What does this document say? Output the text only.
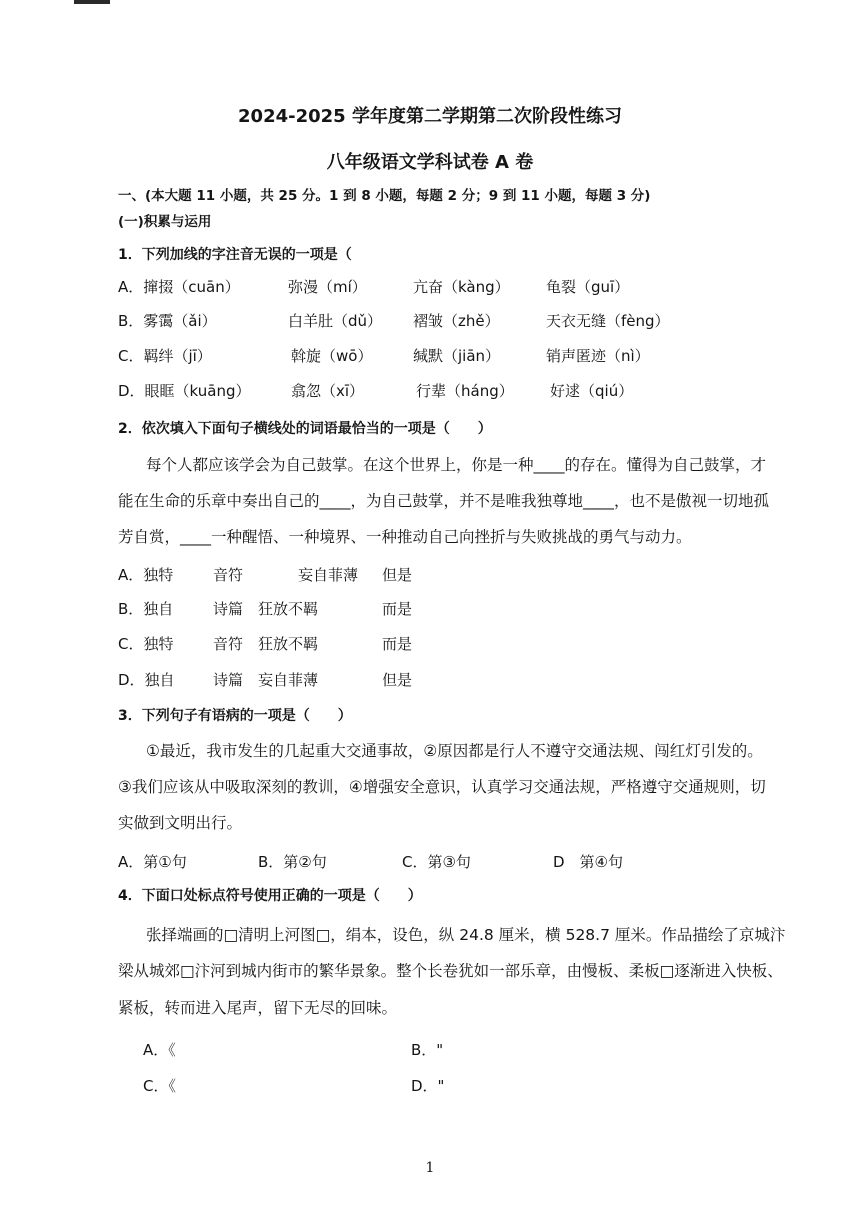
2024-2025 学年度第二学期第二次阶段性练习
八年级语文学科试卷 A 卷
一、(本大题 11 小题，共 25 分。1 到 8 小题，每题 2 分；9 到 11 小题，每题 3 分)
(一)积累与运用
1．下列加线的字注音无误的一项是（
A．撺掇（cuān）	弥漫（mí）	亢奋（kàng） 龟裂（guī）
B．雾霭（ǎi）	白羊肚（dǔ） 褶皱（zhě）	天衣无缝（fèng）
C．羁绊（jī）	斡旋（wō）	缄默（jiān）	销声匿迹（nì）
D．眼眶（kuāng）	翕忽（xī）	行辈（háng） 好逑（qiú）
2．依次填入下面句子横线处的词语最恰当的一项是（　　）
每个人都应该学会为自己鼓掌。在这个世界上，你是一种____的存在。懂得为自己鼓掌，才
能在生命的乐章中奏出自己的____，为自己鼓掌，并不是唯我独尊地____，也不是傲视一切地孤
芳自赏，____一种醒悟、一种境界、一种推动自己向挫折与失败挑战的勇气与动力。
A．独特	音符	妄自菲薄 但是
B．独自	诗篇 狂放不羁	而是
C．独特	音符 狂放不羁	而是
D．独自	诗篇 妄自菲薄	但是
3．下列句子有语病的一项是（　　）
①最近，我市发生的几起重大交通事故，②原因都是行人不遵守交通法规、闯红灯引发的。
③我们应该从中吸取深刻的教训，④增强安全意识，认真学习交通法规，严格遵守交通规则，切
实做到文明出行。
A．第①句	B．第②句	C．第③句	D　第④句
4．下面口处标点符号使用正确的一项是（　　）
张择端画的□清明上河图□，绢本，设色，纵 24.8 厘米，横 528.7 厘米。作品描绘了京城汴
梁从城郊□汴河到城内街市的繁华景象。整个长卷犹如一部乐章，由慢板、柔板□逐渐进入快板、
紧板，转而进入尾声，留下无尽的回味。
A．《	B．"
C．《	D．"
1
